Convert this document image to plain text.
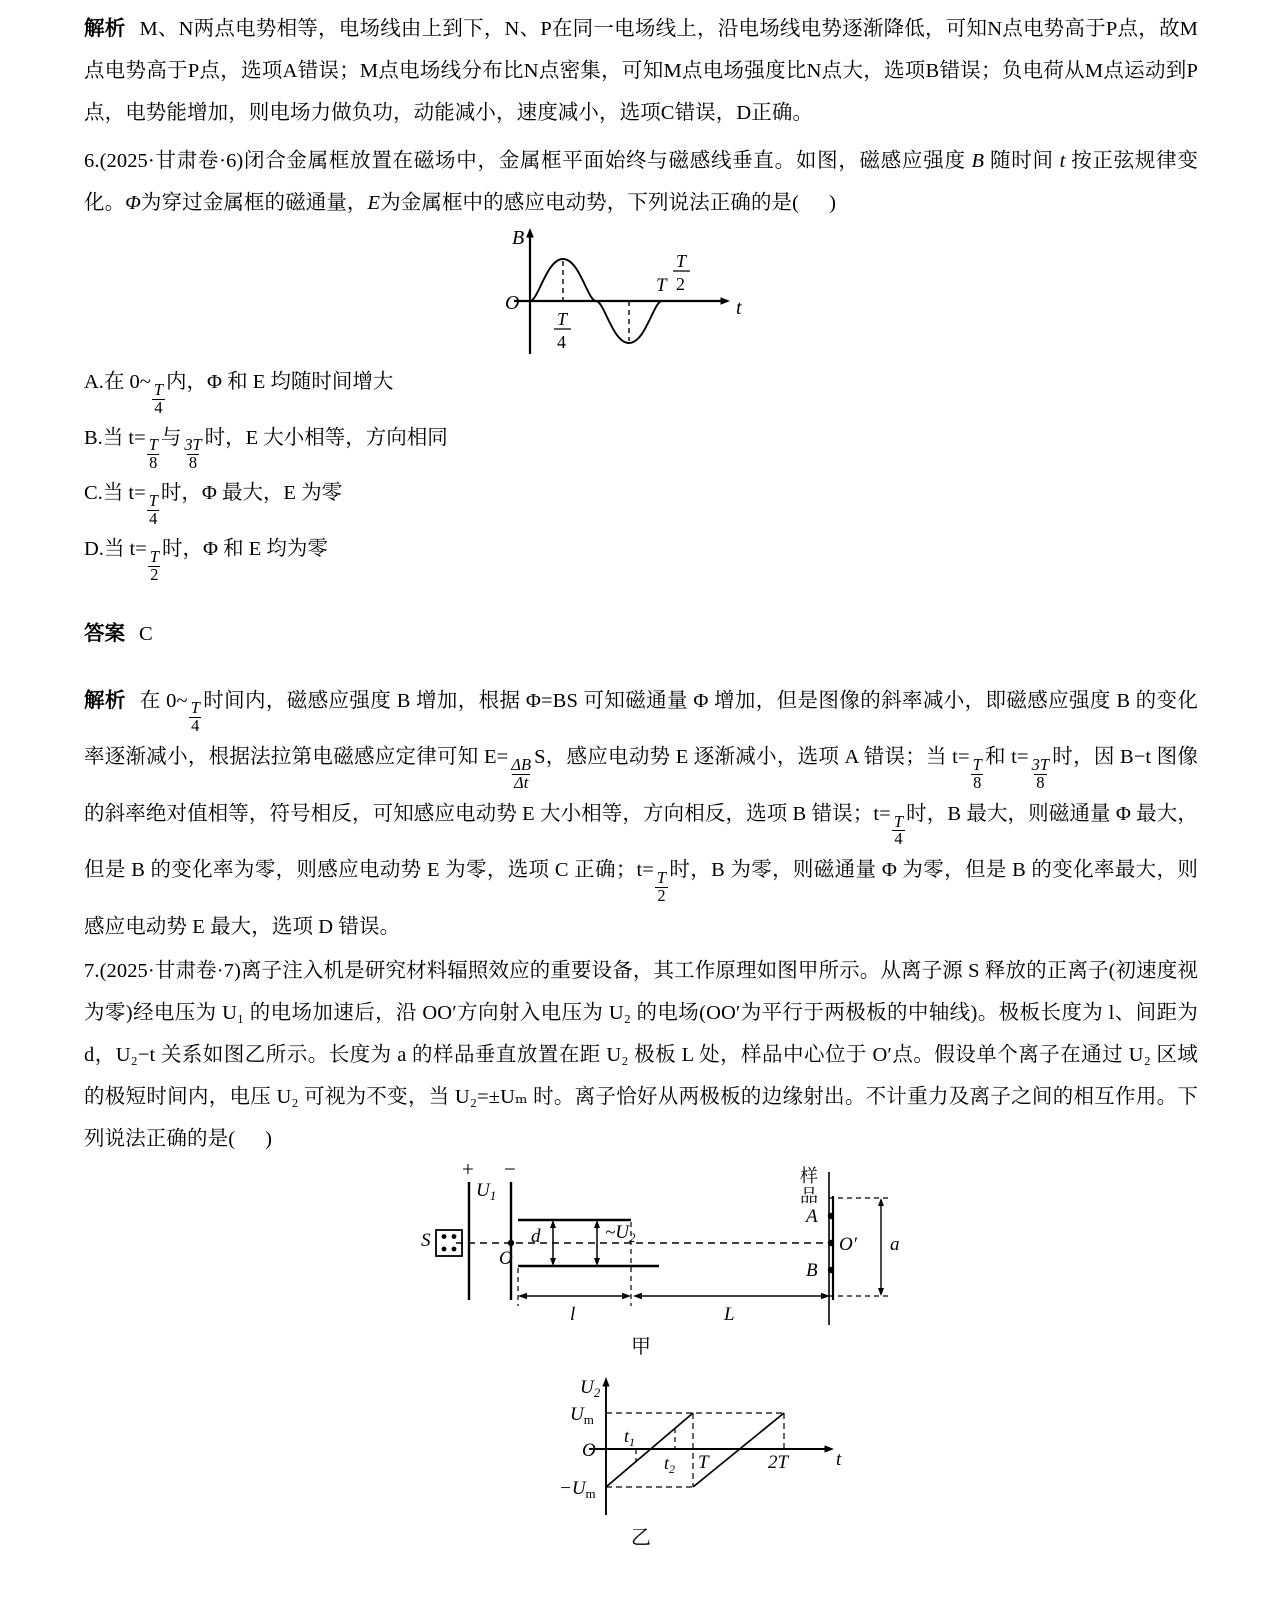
解析 M、N两点电势相等，电场线由上到下，N、P在同一电场线上，沿电场线电势逐渐降低，可知N点电势高于P点，故M点电势高于P点，选项A错误；M点电场线分布比N点密集，可知M点电场强度比N点大，选项B错误；负电荷从M点运动到P点，电势能增加，则电场力做负功，动能减小，速度减小，选项C错误，D正确。

6.(2025·甘肃卷·6)闭合金属框放置在磁场中，金属框平面始终与磁感线垂直。如图，磁感应强度 B 随时间 t 按正弦规律变化。Φ为穿过金属框的磁通量，E为金属框中的感应电动势，下列说法正确的是( )

B
O	t
T
4
T
2
T

A.在 0~ $\frac{T}{4}$ 内，Φ 和 E 均随时间增大

B.当 $t= \frac{T}{8}$ 与 $\frac{3T}{8}$ 时，E 大小相等，方向相同

C.当 $t= \frac{T}{4}$ 时，Φ 最大，E 为零

D.当 $t= \frac{T}{2}$ 时，Φ 和 E 均为零

答案 C

解析 在 0~ $\frac{T}{4}$ 时间内，磁感应强度 B 增加，根据 Φ=BS 可知磁通量 Φ 增加，但是图像的斜率减小，即磁感应强度 B 的变化率逐渐减小，根据法拉第电磁感应定律可知 $E= \frac{\Delta B}{\Delta t}$ S，感应电动势 E 逐渐减小，选项 A 错误；当 $t= \frac{T}{8}$ 和 $t= \frac{3T}{8}$ 时，因 B−t 图像的斜率绝对值相等，符号相反，可知感应电动势 E 大小相等，方向相反，选项 B 错误；$t= \frac{T}{4}$ 时，B 最大，则磁通量 Φ 最大，但是 B 的变化率为零，则感应电动势 E 为零，选项 C 正确；$t= \frac{T}{2}$ 时，B 为零，则磁通量 Φ 为零，但是 B 的变化率最大，则感应电动势 E 最大，选项 D 错误。

7.(2025·甘肃卷·7)离子注入机是研究材料辐照效应的重要设备，其工作原理如图甲所示。从离子源 S 释放的正离子(初速度视为零)经电压为 U₁ 的电场加速后，沿 OO′方向射入电压为 U₂ 的电场(OO′为平行于两极板的中轴线)。极板长度为 l、间距为 d，U₂−t 关系如图乙所示。长度为 a 的样品垂直放置在距 U₂ 极板 L 处，样品中心位于 O′点。假设单个离子在通过 U₂ 区域的极短时间内，电压 U₂ 可视为不变，当 U₂=±Uₘ 时。离子恰好从两极板的边缘射出。不计重力及离子之间的相互作用。下列说法正确的是( )

S
+ −
$U_1$
O
d	$\sim U_2$
l	L
样
品
A
B
O′ a

甲

$U_2$
$U_m$
O
$-U_m$
$t_1$
$t_2$ T	2T	t

乙
